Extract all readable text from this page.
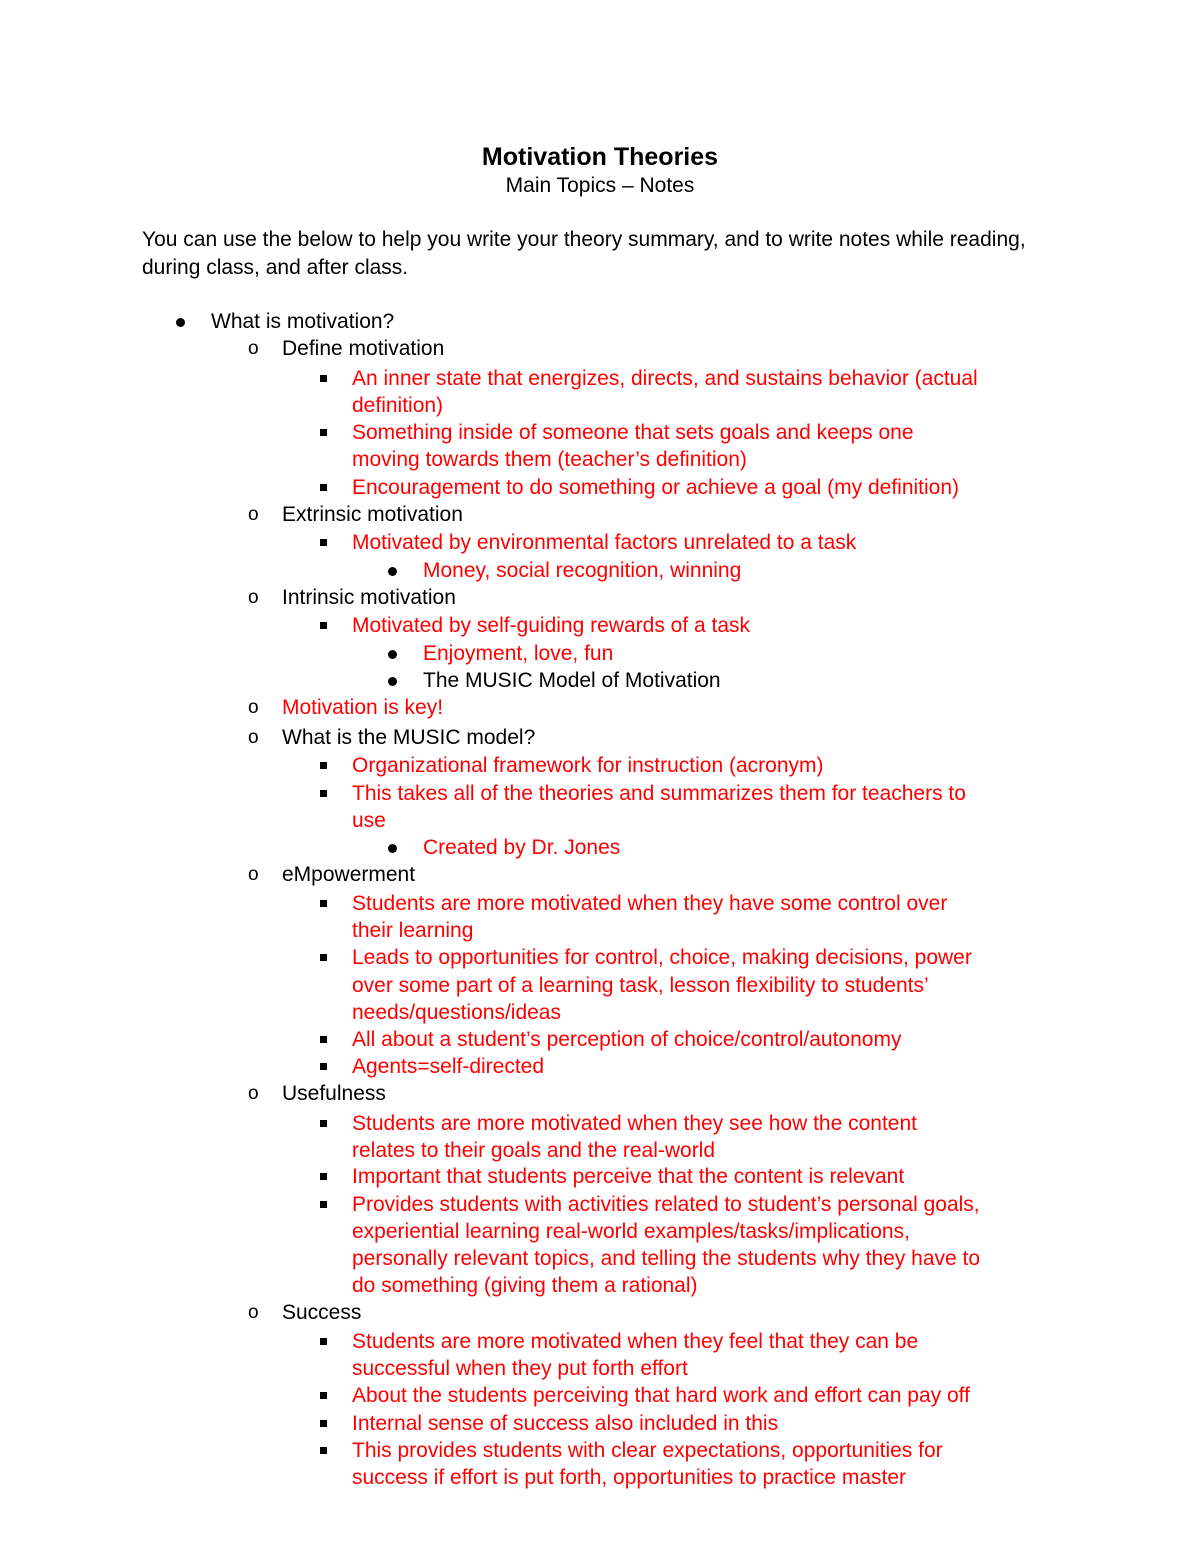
Motivation Theories
Main Topics – Notes
You can use the below to help you write your theory summary, and to write notes while reading, during class, and after class.
What is motivation?
o Define motivation
An inner state that energizes, directs, and sustains behavior (actual
definition)
Something inside of someone that sets goals and keeps one
moving towards them (teacher’s definition)
Encouragement to do something or achieve a goal (my definition)
o Extrinsic motivation
Motivated by environmental factors unrelated to a task
Money, social recognition, winning
o Intrinsic motivation
Motivated by self-guiding rewards of a task
Enjoyment, love, fun
The MUSIC Model of Motivation
o Motivation is key!
o What is the MUSIC model?
Organizational framework for instruction (acronym)
This takes all of the theories and summarizes them for teachers to
use
Created by Dr. Jones
o eMpowerment
Students are more motivated when they have some control over
their learning
Leads to opportunities for control, choice, making decisions, power
over some part of a learning task, lesson flexibility to students’
needs/questions/ideas
All about a student’s perception of choice/control/autonomy
Agents=self-directed
o Usefulness
Students are more motivated when they see how the content
relates to their goals and the real-world
Important that students perceive that the content is relevant
Provides students with activities related to student’s personal goals,
experiential learning real-world examples/tasks/implications,
personally relevant topics, and telling the students why they have to
do something (giving them a rational)
o Success
Students are more motivated when they feel that they can be
successful when they put forth effort
About the students perceiving that hard work and effort can pay off
Internal sense of success also included in this
This provides students with clear expectations, opportunities for
success if effort is put forth, opportunities to practice master
